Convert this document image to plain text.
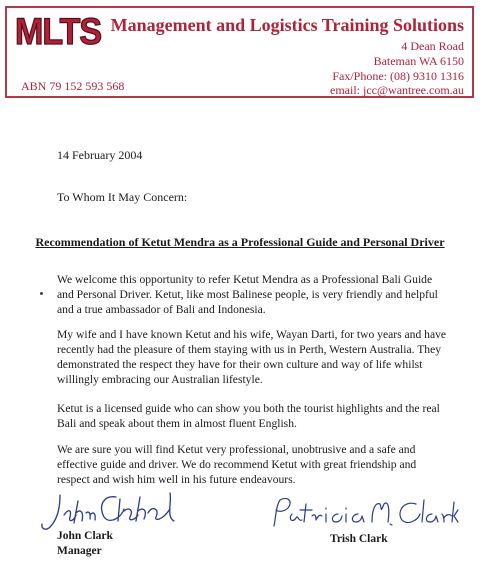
MLTS Management and Logistics Training Solutions
4 Dean Road
Bateman WA 6150
Fax/Phone: (08) 9310 1316
email: jcc@wantree.com.au
ABN 79 152 593 568
14 February 2004
To Whom It May Concern:
Recommendation of Ketut Mendra as a Professional Guide and Personal Driver
We welcome this opportunity to refer Ketut Mendra as a Professional Bali Guide and Personal Driver. Ketut, like most Balinese people, is very friendly and helpful and a true ambassador of Bali and Indonesia.
My wife and I have known Ketut and his wife, Wayan Darti, for two years and have recently had the pleasure of them staying with us in Perth, Western Australia. They demonstrated the respect they have for their own culture and way of life whilst willingly embracing our Australian lifestyle.
Ketut is a licensed guide who can show you both the tourist highlights and the real Bali and speak about them in almost fluent English.
We are sure you will find Ketut very professional, unobtrusive and a safe and effective guide and driver. We do recommend Ketut with great friendship and respect and wish him well in his future endeavours.
John Clark
Manager
Trish Clark
